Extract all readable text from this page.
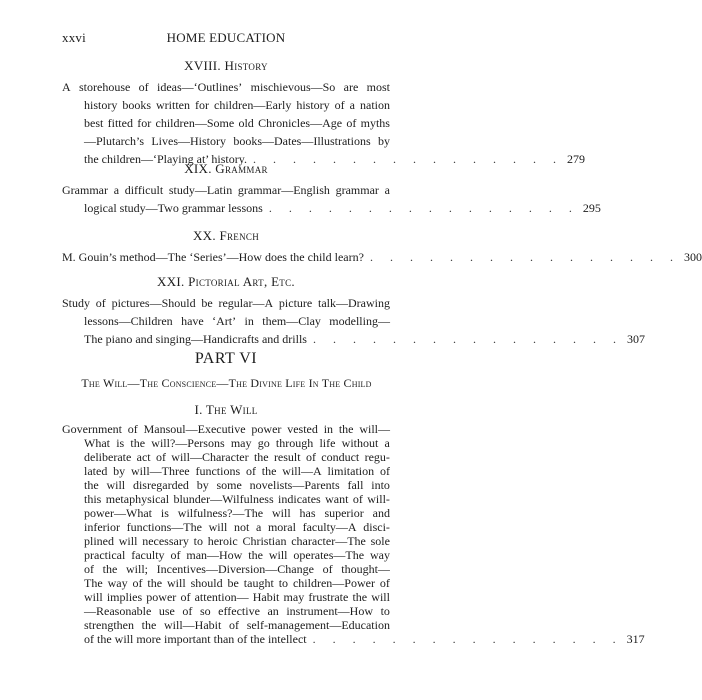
xxvi	HOME EDUCATION
XVIII. History
A storehouse of ideas—‘Outlines’ mischievous—So are most
history books written for children—Early history of a nation
best fitted for children—Some old Chronicles—Age of myths
—Plutarch’s Lives—History books—Dates—Illustrations by
the children—‘Playing at’ history. . . . . . . . . . . . . . . . . 279
XIX. Grammar
Grammar a difficult study—Latin grammar—English grammar a
logical study—Two grammar lessons . . . . . . . . . . . . . . . . 295
XX. French
M. Gouin’s method—The ‘Series’—How does the child learn? . . . . . . . . . . . . . . . . 300
XXI. Pictorial Art, Etc.
Study of pictures—Should be regular—A picture talk—Drawing
lessons—Children have ‘Art’ in them—Clay modelling—
The piano and singing—Handicrafts and drills . . . . . . . . . . . . . . . . 307
PART VI
The Will—The Conscience—The Divine Life In The Child
I. The Will
Government of Mansoul—Executive power vested in the will—
What is the will?—Persons may go through life without a
deliberate act of will—Character the result of conduct regu-
lated by will—Three functions of the will—A limitation of
the will disregarded by some novelists—Parents fall into
this metaphysical blunder—Wilfulness indicates want of will-
power—What is wilfulness?—The will has superior and
inferior functions—The will not a moral faculty—A disci-
plined will necessary to heroic Christian character—The sole
practical faculty of man—How the will operates—The way
of the will; Incentives—Diversion—Change of thought—
The way of the will should be taught to children—Power of
will implies power of attention— Habit may frustrate the will
—Reasonable use of so effective an instrument—How to
strengthen the will—Habit of self-management—Education
of the will more important than of the intellect . . . . . . . . . . . . . . . . 317
